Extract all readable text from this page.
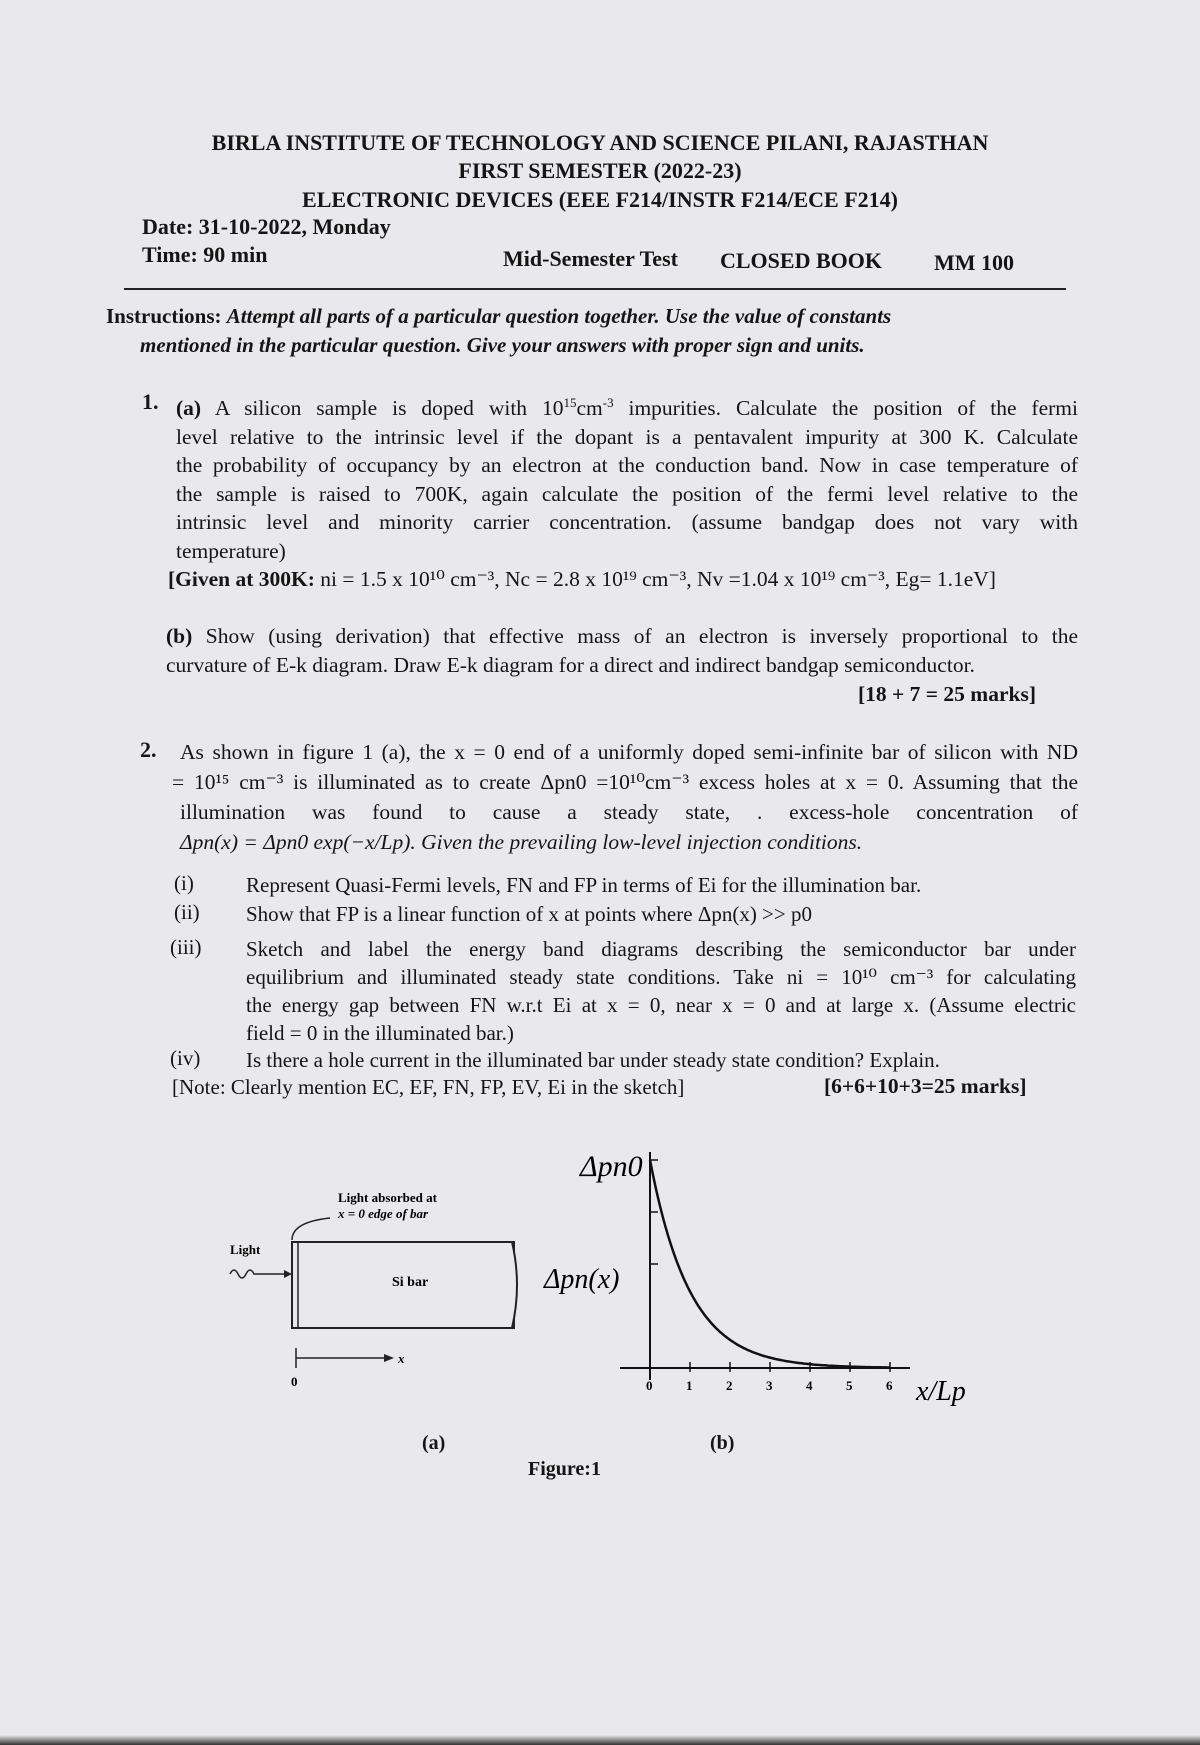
BIRLA INSTITUTE OF TECHNOLOGY AND SCIENCE PILANI, RAJASTHAN
FIRST SEMESTER (2022-23)
ELECTRONIC DEVICES (EEE F214/INSTR F214/ECE F214)
Date: 31-10-2022, Monday
Time: 90 min	Mid-Semester Test CLOSED BOOK MM 100
Instructions: Attempt all parts of a particular question together. Use the value of constants
mentioned in the particular question. Give your answers with proper sign and units.
1. (a) A silicon sample is doped with $10^{15}cm^{-3}$ impurities. Calculate the position of the fermi
level relative to the intrinsic level if the dopant is a pentavalent impurity at 300 K. Calculate
the probability of occupancy by an electron at the conduction band. Now in case temperature of
the sample is raised to 700K, again calculate the position of the fermi level relative to the
intrinsic level and minority carrier concentration. (assume bandgap does not vary with
temperature)
[Given at 300K: ni = 1.5 x 10¹⁰ cm⁻³, Nc = 2.8 x 10¹⁹ cm⁻³, Nv =1.04 x 10¹⁹ cm⁻³, Eg= 1.1eV]
(b) Show (using derivation) that effective mass of an electron is inversely proportional to the
curvature of E-k diagram. Draw E-k diagram for a direct and indirect bandgap semiconductor.
[18 + 7 = 25 marks]
2. As shown in figure 1 (a), the x = 0 end of a uniformly doped semi-infinite bar of silicon with ND
= 10¹⁵ cm⁻³ is illuminated as to create Δpn0 =10¹⁰cm⁻³ excess holes at x = 0. Assuming that the
illumination was found to cause a steady state, . excess-hole concentration of
Δpn(x) = Δpn0 exp(−x/Lp). Given the prevailing low-level injection conditions.
(i) Represent Quasi-Fermi levels, FN and FP in terms of Ei for the illumination bar.
(ii) Show that FP is a linear function of x at points where Δpn(x) >> p0
(iii) Sketch and label the energy band diagrams describing the semiconductor bar under
equilibrium and illuminated steady state conditions. Take ni = 10¹⁰ cm⁻³ for calculating
the energy gap between FN w.r.t Ei at x = 0, near x = 0 and at large x. (Assume electric
field = 0 in the illuminated bar.)
(iv) Is there a hole current in the illuminated bar under steady state condition? Explain.
[Note: Clearly mention EC, EF, FN, FP, EV, Ei in the sketch]	[6+6+10+3=25 marks]
Light absorbed at
x = 0 edge of bar
Si bar
Light
x
0
(a)
Δpn0
Δpn(x)
x/Lp
0	1	2	3	4	5	6
(b)
Figure:1
